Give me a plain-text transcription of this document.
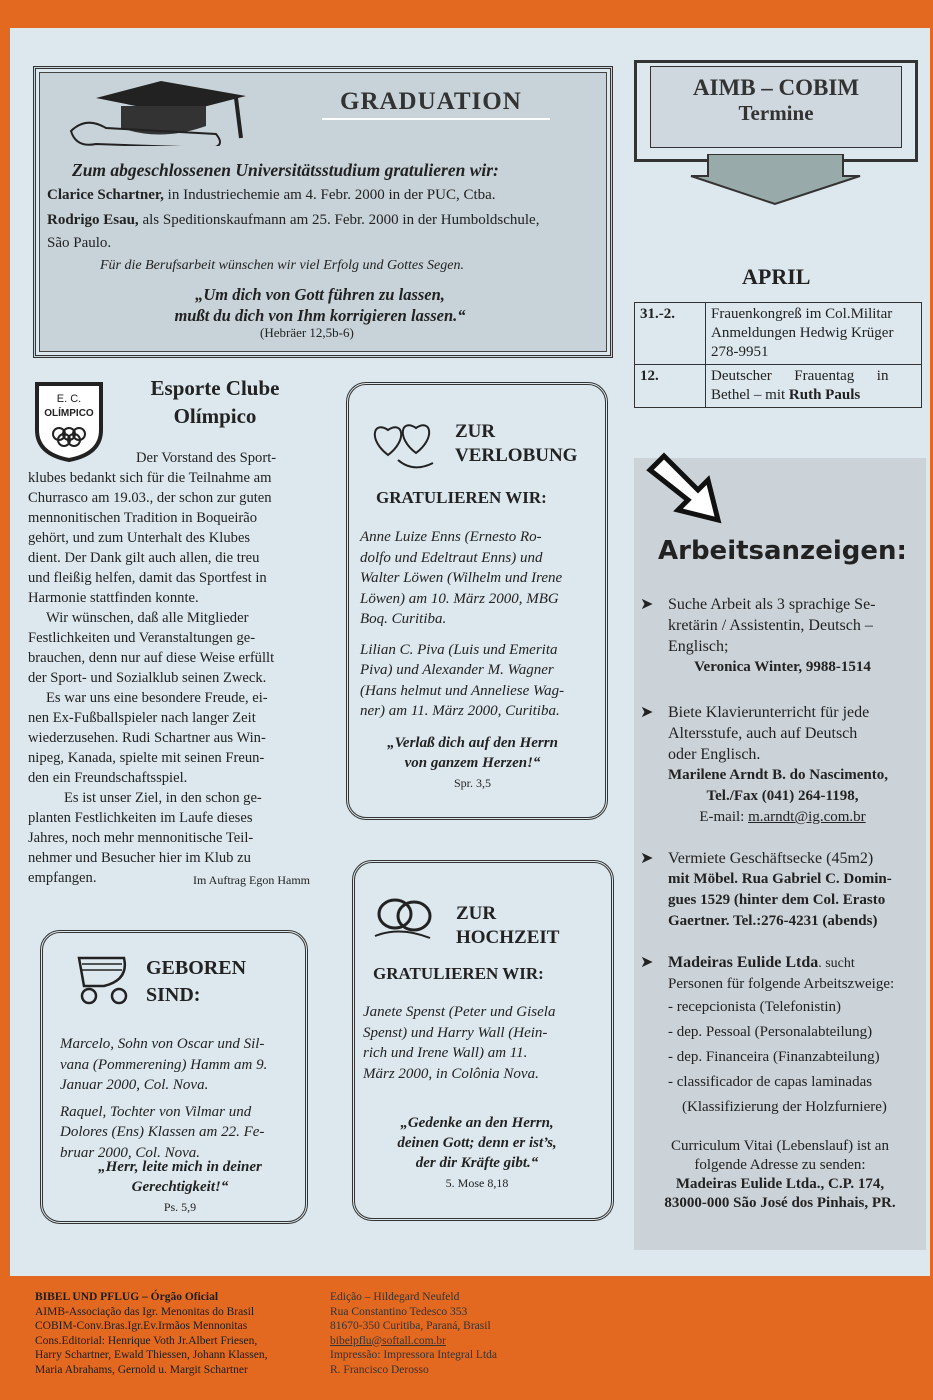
GRADUATION
Zum abgeschlossenen Universitätsstudium gratulieren wir:
Clarice Schartner, in Industriechemie am 4. Febr. 2000 in der PUC, Ctba.
Rodrigo Esau, als Speditionskaufmann am 25. Febr. 2000 in der Humboldschule,
São Paulo.
Für die Berufsarbeit wünschen wir viel Erfolg und Gottes Segen.
„Um dich von Gott führen zu lassen,
mußt du dich von Ihm korrigieren lassen.“
(Hebräer 12,5b-6)
AIMB – COBIM
Termine
APRIL
31.-2.	Frauenkongreß im Col.Militar
Anmeldungen Hedwig Krüger
278-9951

12.	Deutscher      Frauentag      in
Bethel – mit Ruth Pauls
E. C.
OLÍMPICO
Esporte Clube
Olímpico
Der Vorstand des Sport-
klubes bedankt sich für die Teilnahme am
Churrasco am 19.03., der schon zur guten
mennonitischen Tradition in Boqueirão
gehört, und zum Unterhalt des Klubes
dient. Der Dank gilt auch allen, die treu
und fleißig helfen, damit das Sportfest in
Harmonie stattfinden konnte.
Wir wünschen, daß alle Mitglieder
Festlichkeiten und Veranstaltungen ge-
brauchen, denn nur auf diese Weise erfüllt
der Sport- und Sozialklub seinen Zweck.
Es war uns eine besondere Freude, ei-
nen Ex-Fußballspieler nach langer Zeit
wiederzusehen. Rudi Schartner aus Win-
nipeg, Kanada, spielte mit seinen Freun-
den ein Freundschaftsspiel.
Es ist unser Ziel, in den schon ge-
planten Festlichkeiten im Laufe dieses
Jahres, noch mehr mennonitische Teil-
nehmer und Besucher hier im Klub zu
empfangen.	Im Auftrag Egon Hamm
ZUR
VERLOBUNG
GRATULIEREN WIR:
Anne Luize Enns (Ernesto Ro-
dolfo und Edeltraut Enns) und
Walter Löwen (Wilhelm und Irene
Löwen) am 10. März 2000, MBG
Boq. Curitiba.
Lilian C. Piva (Luis und Emerita
Piva) und Alexander M. Wagner
(Hans helmut und Anneliese Wag-
ner) am 11. März 2000, Curitiba.
„Verlaß dich auf den Herrn
von ganzem Herzen!“
Spr. 3,5
GEBOREN
SIND:
Marcelo, Sohn von Oscar und Sil-
vana (Pommerening) Hamm am 9.
Januar 2000, Col. Nova.
Raquel, Tochter von Vilmar und
Dolores (Ens) Klassen am 22. Fe-
bruar 2000, Col. Nova.
„Herr, leite mich in deiner
Gerechtigkeit!“
Ps. 5,9
ZUR
HOCHZEIT
GRATULIEREN WIR:
Janete Spenst (Peter und Gisela
Spenst) und Harry Wall (Hein-
rich und Irene Wall) am 11.
März 2000, in Colônia Nova.
„Gedenke an den Herrn,
deinen Gott; denn er ist’s,
der dir Kräfte gibt.“
5. Mose 8,18
Arbeitsanzeigen:
➤ Suche Arbeit als 3 sprachige Se-
kretärin / Assistentin, Deutsch –
Englisch;
Veronica Winter, 9988-1514
➤ Biete Klavierunterricht für jede
Altersstufe, auch auf Deutsch
oder Englisch.
Marilene Arndt B. do Nascimento,
Tel./Fax (041) 264-1198,
E-mail: m.arndt@ig.com.br
➤ Vermiete Geschäftsecke (45m2)
mit Möbel. Rua Gabriel C. Domin-
gues 1529 (hinter dem Col. Erasto
Gaertner. Tel.:276-4231 (abends)
➤ Madeiras Eulide Ltda. sucht
Personen für folgende Arbeitszweige:
- recepcionista (Telefonistin)
- dep. Pessoal (Personalabteilung)
- dep. Financeira (Finanzabteilung)
- classificador de capas laminadas
(Klassifizierung der Holzfurniere)
Curriculum Vitai (Lebenslauf) ist an
folgende Adresse zu senden:
Madeiras Eulide Ltda., C.P. 174,
83000-000 São José dos Pinhais, PR.
BIBEL UND PFLUG – Órgão Oficial
AIMB-Associação das Igr. Menonitas do Brasil
COBIM-Conv.Bras.Igr.Ev.Irmãos Mennonitas
Cons.Editorial: Henrique Voth Jr.Albert Friesen,
Harry Schartner, Ewald Thiessen, Johann Klassen,
Maria Abrahams, Gernold u. Margit Schartner
Edição – Hildegard Neufeld
Rua Constantino Tedesco 353
81670-350 Curitiba, Paraná, Brasil
bibelpflu@softall.com.br
Impressão: Impressora Integral Ltda
R. Francisco Derosso
